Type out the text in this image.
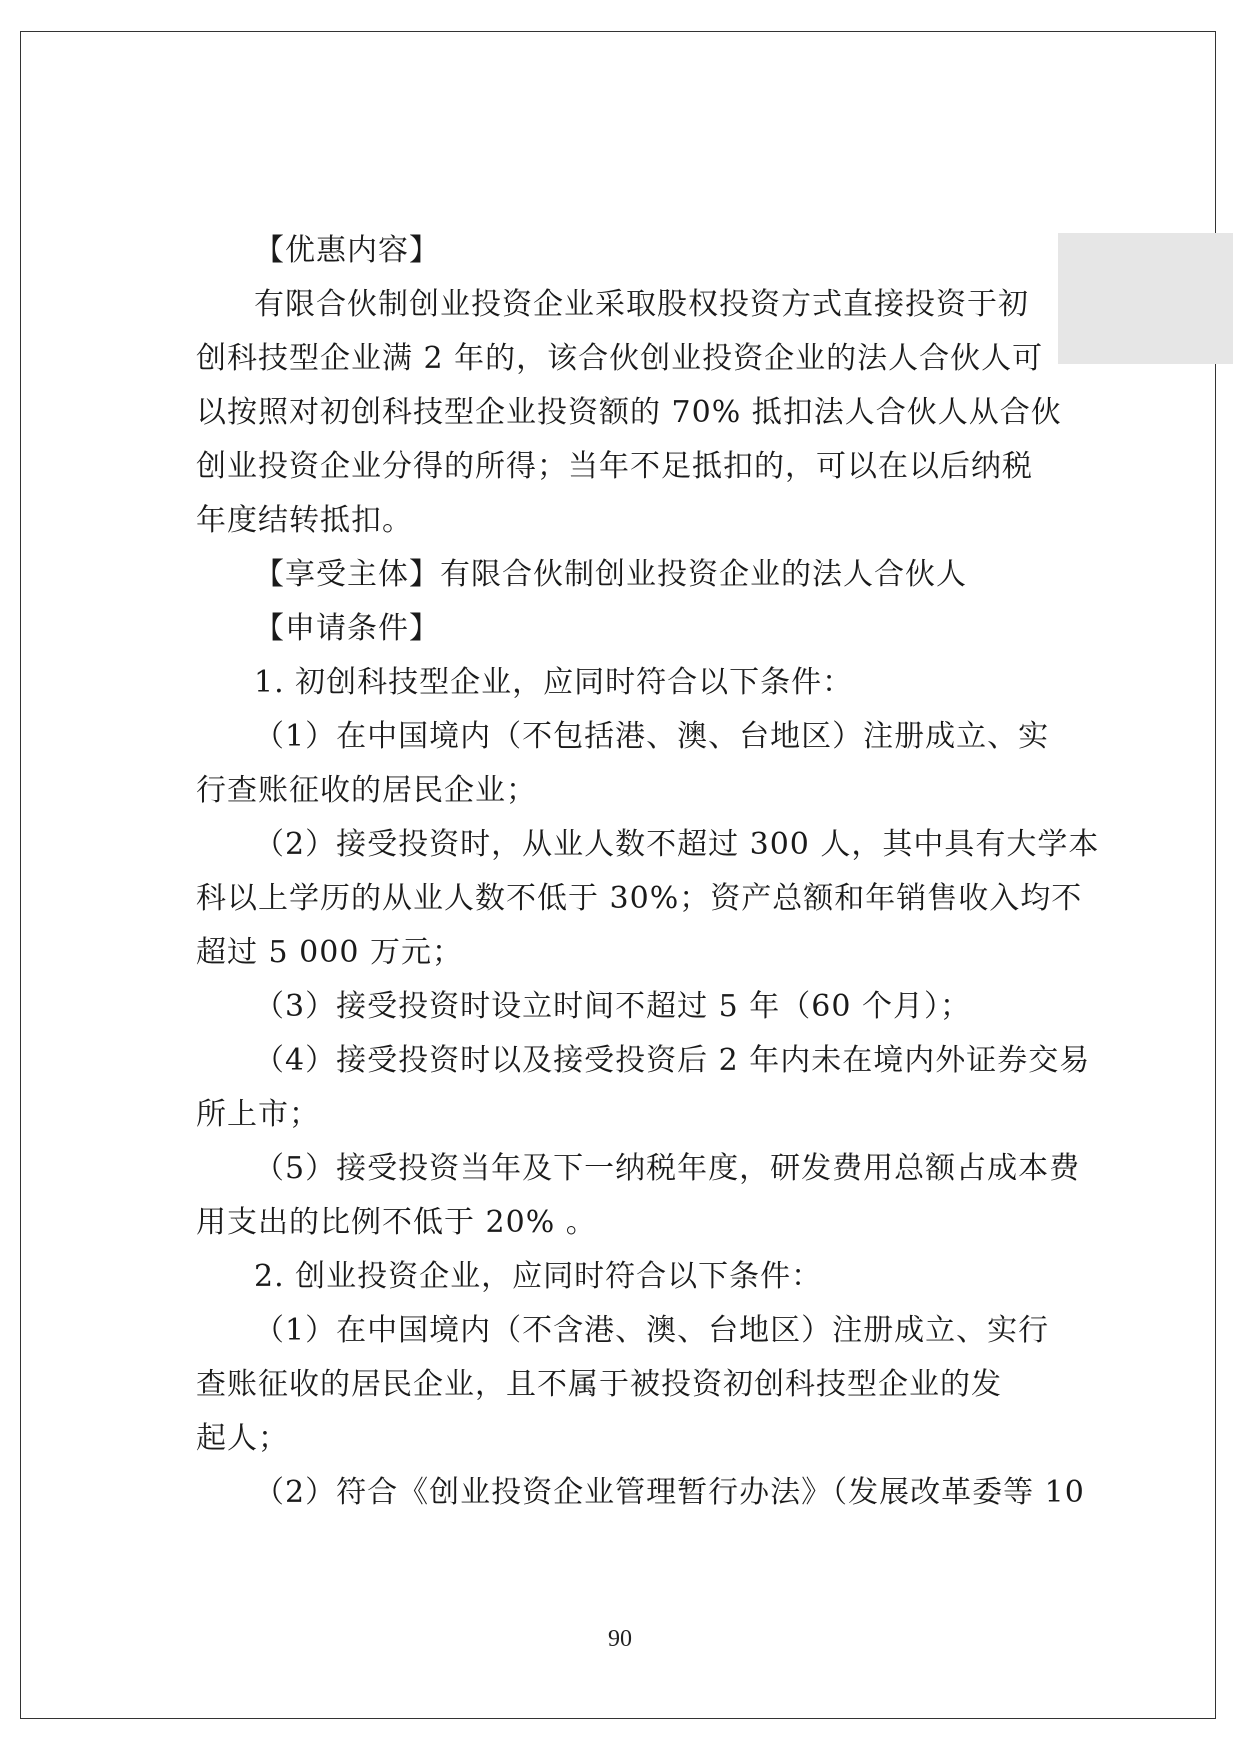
【优惠内容】
有限合伙制创业投资企业采取股权投资方式直接投资于初
创科技型企业满 2 年的，该合伙创业投资企业的法人合伙人可
以按照对初创科技型企业投资额的 70% 抵扣法人合伙人从合伙
创业投资企业分得的所得；当年不足抵扣的，可以在以后纳税
年度结转抵扣。
【享受主体】有限合伙制创业投资企业的法人合伙人
【申请条件】
1. 初创科技型企业，应同时符合以下条件：
（1）在中国境内（不包括港、澳、台地区）注册成立、实
行查账征收的居民企业；
（2）接受投资时，从业人数不超过 300 人，其中具有大学本
科以上学历的从业人数不低于 30%；资产总额和年销售收入均不
超过 5 000 万元；
（3）接受投资时设立时间不超过 5 年（60 个月）；
（4）接受投资时以及接受投资后 2 年内未在境内外证券交易
所上市；
（5）接受投资当年及下一纳税年度，研发费用总额占成本费
用支出的比例不低于 20% 。
2. 创业投资企业，应同时符合以下条件：
（1）在中国境内（不含港、澳、台地区）注册成立、实行
查账征收的居民企业，且不属于被投资初创科技型企业的发
起人；
（2）符合《创业投资企业管理暂行办法》（发展改革委等 10
90
